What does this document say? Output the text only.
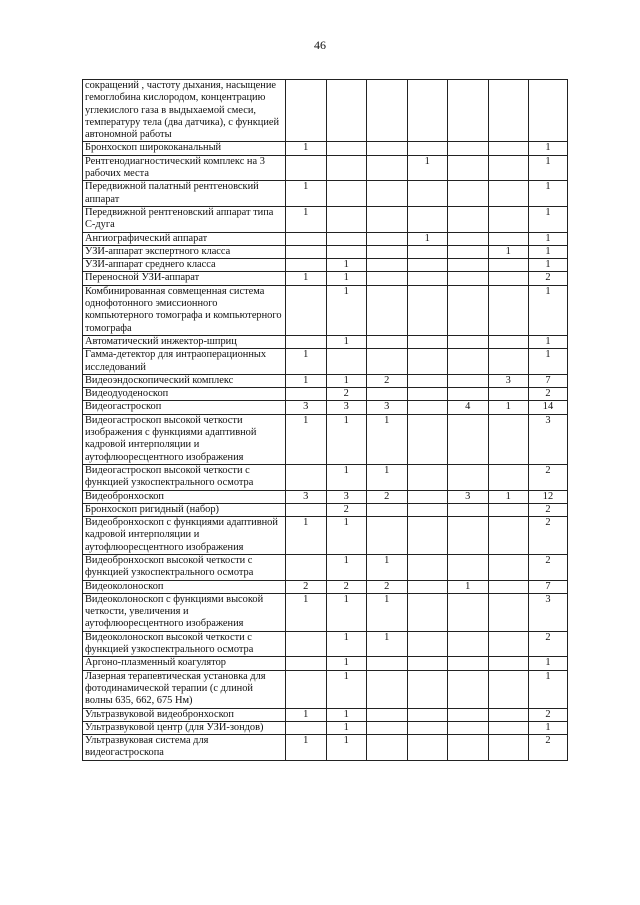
46
сокращений , частоту дыхания, насыщение гемоглобина кислородом, концентрацию углекислого газа в выдыхаемой смеси, температуру тела (два датчика), с функцией автономной работы							
Бронхоскоп ширококанальный	1						1
Рентгенодиагностический комплекс на 3 рабочих места				1			1
Передвижной палатный рентгеновский аппарат	1						1
Передвижной рентгеновский аппарат типа С-дуга	1						1
Ангиографический аппарат				1			1
УЗИ-аппарат экспертного класса						1	1
УЗИ-аппарат среднего класса		1					1
Переносной УЗИ-аппарат	1	1					2
Комбинированная совмещенная система однофотонного эмиссионного компьютерного томографа и компьютерного томографа		1					1
Автоматический инжектор-шприц		1					1
Гамма-детектор для интраоперационных исследований	1						1
Видеоэндоскопический комплекс	1	1	2			3	7
Видеодуоденоскоп		2					2
Видеогастроскоп	3	3	3		4	1	14
Видеогастроскоп высокой четкости изображения с функциями адаптивной кадровой интерполяции и аутофлюоресцентного изображения	1	1	1				3
Видеогастроскоп высокой четкости с функцией узкоспектрального осмотра		1	1				2
Видеобронхоскоп	3	3	2		3	1	12
Бронхоскоп ригидный (набор)		2					2
Видеобронхоскоп с функциями адаптивной кадровой интерполяции и аутофлюоресцентного изображения	1	1					2
Видеобронхоскоп высокой четкости с функцией узкоспектрального осмотра		1	1				2
Видеоколоноскоп	2	2	2		1		7
Видеоколоноскоп с функциями высокой четкости, увеличения и аутофлюоресцентного изображения	1	1	1				3
Видеоколоноскоп высокой четкости с функцией узкоспектрального осмотра		1	1				2
Аргоно-плазменный коагулятор		1					1
Лазерная терапевтическая установка для фотодинамической терапии (с длиной волны 635, 662, 675 Нм)		1					1
Ультразвуковой видеобронхоскоп	1	1					2
Ультразвуковой центр (для УЗИ-зондов)		1					1
Ультразвуковая система для видеогастроскопа	1	1					2
